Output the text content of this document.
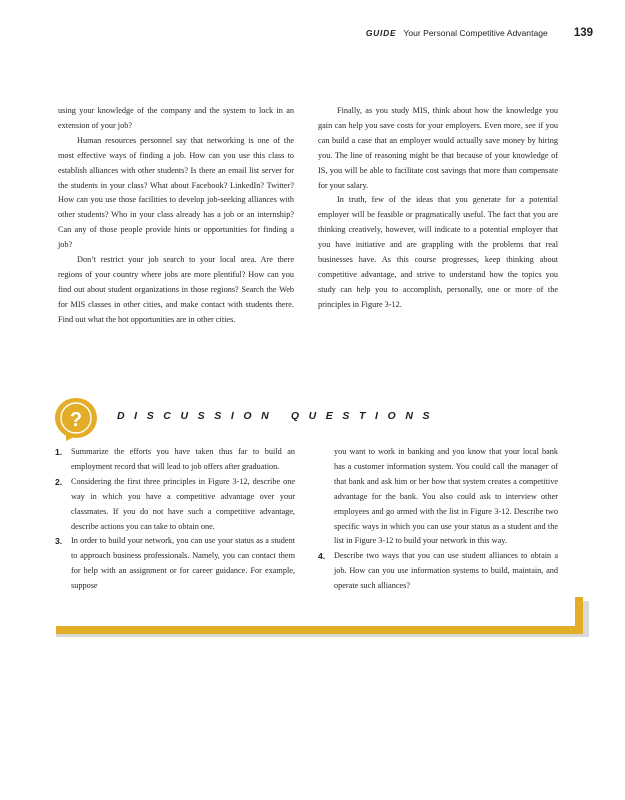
GUIDE Your Personal Competitive Advantage 139

using your knowledge of the company and the system to lock in an extension of your job?

Human resources personnel say that networking is one of the most effective ways of finding a job. How can you use this class to establish alliances with other students? Is there an email list server for the students in your class? What about Facebook? LinkedIn? Twitter? How can you use those facilities to develop job-seeking alliances with other students? Who in your class already has a job or an internship? Can any of those people provide hints or opportunities for finding a job?

Don’t restrict your job search to your local area. Are there regions of your country where jobs are more plentiful? How can you find out about student organizations in those regions? Search the Web for MIS classes in other cities, and make contact with students there. Find out what the hot opportunities are in other cities.

Finally, as you study MIS, think about how the knowledge you gain can help you save costs for your employers. Even more, see if you can build a case that an employer would actually save money by hiring you. The line of reasoning might be that because of your knowledge of IS, you will be able to facilitate cost savings that more than compensate for your salary.

In truth, few of the ideas that you generate for a potential employer will be feasible or pragmatically useful. The fact that you are thinking creatively, however, will indicate to a potential employer that you have initiative and are grappling with the problems that real businesses have. As this course progresses, keep thinking about competitive advantage, and strive to understand how the topics you study can help you to accomplish, personally, one or more of the principles in Figure 3-12.

?	DISCUSSION QUESTIONS
1. Summarize the efforts you have taken thus far to build an employment record that will lead to job offers after graduation.
2. Considering the first three principles in Figure 3-12, describe one way in which you have a competitive advantage over your classmates. If you do not have such a competitive advantage, describe actions you can take to obtain one.
3. In order to build your network, you can use your status as a student to approach business professionals. Namely, you can contact them for help with an assignment or for career guidance. For example, suppose
you want to work in banking and you know that your local bank has a customer information system. You could call the manager of that bank and ask him or her how that system creates a competitive advantage for the bank. You also could ask to interview other employees and go armed with the list in Figure 3-12. Describe two specific ways in which you can use your status as a student and the list in Figure 3-12 to build your network in this way.
4. Describe two ways that you can use student alliances to obtain a job. How can you use information systems to build, maintain, and operate such alliances?
